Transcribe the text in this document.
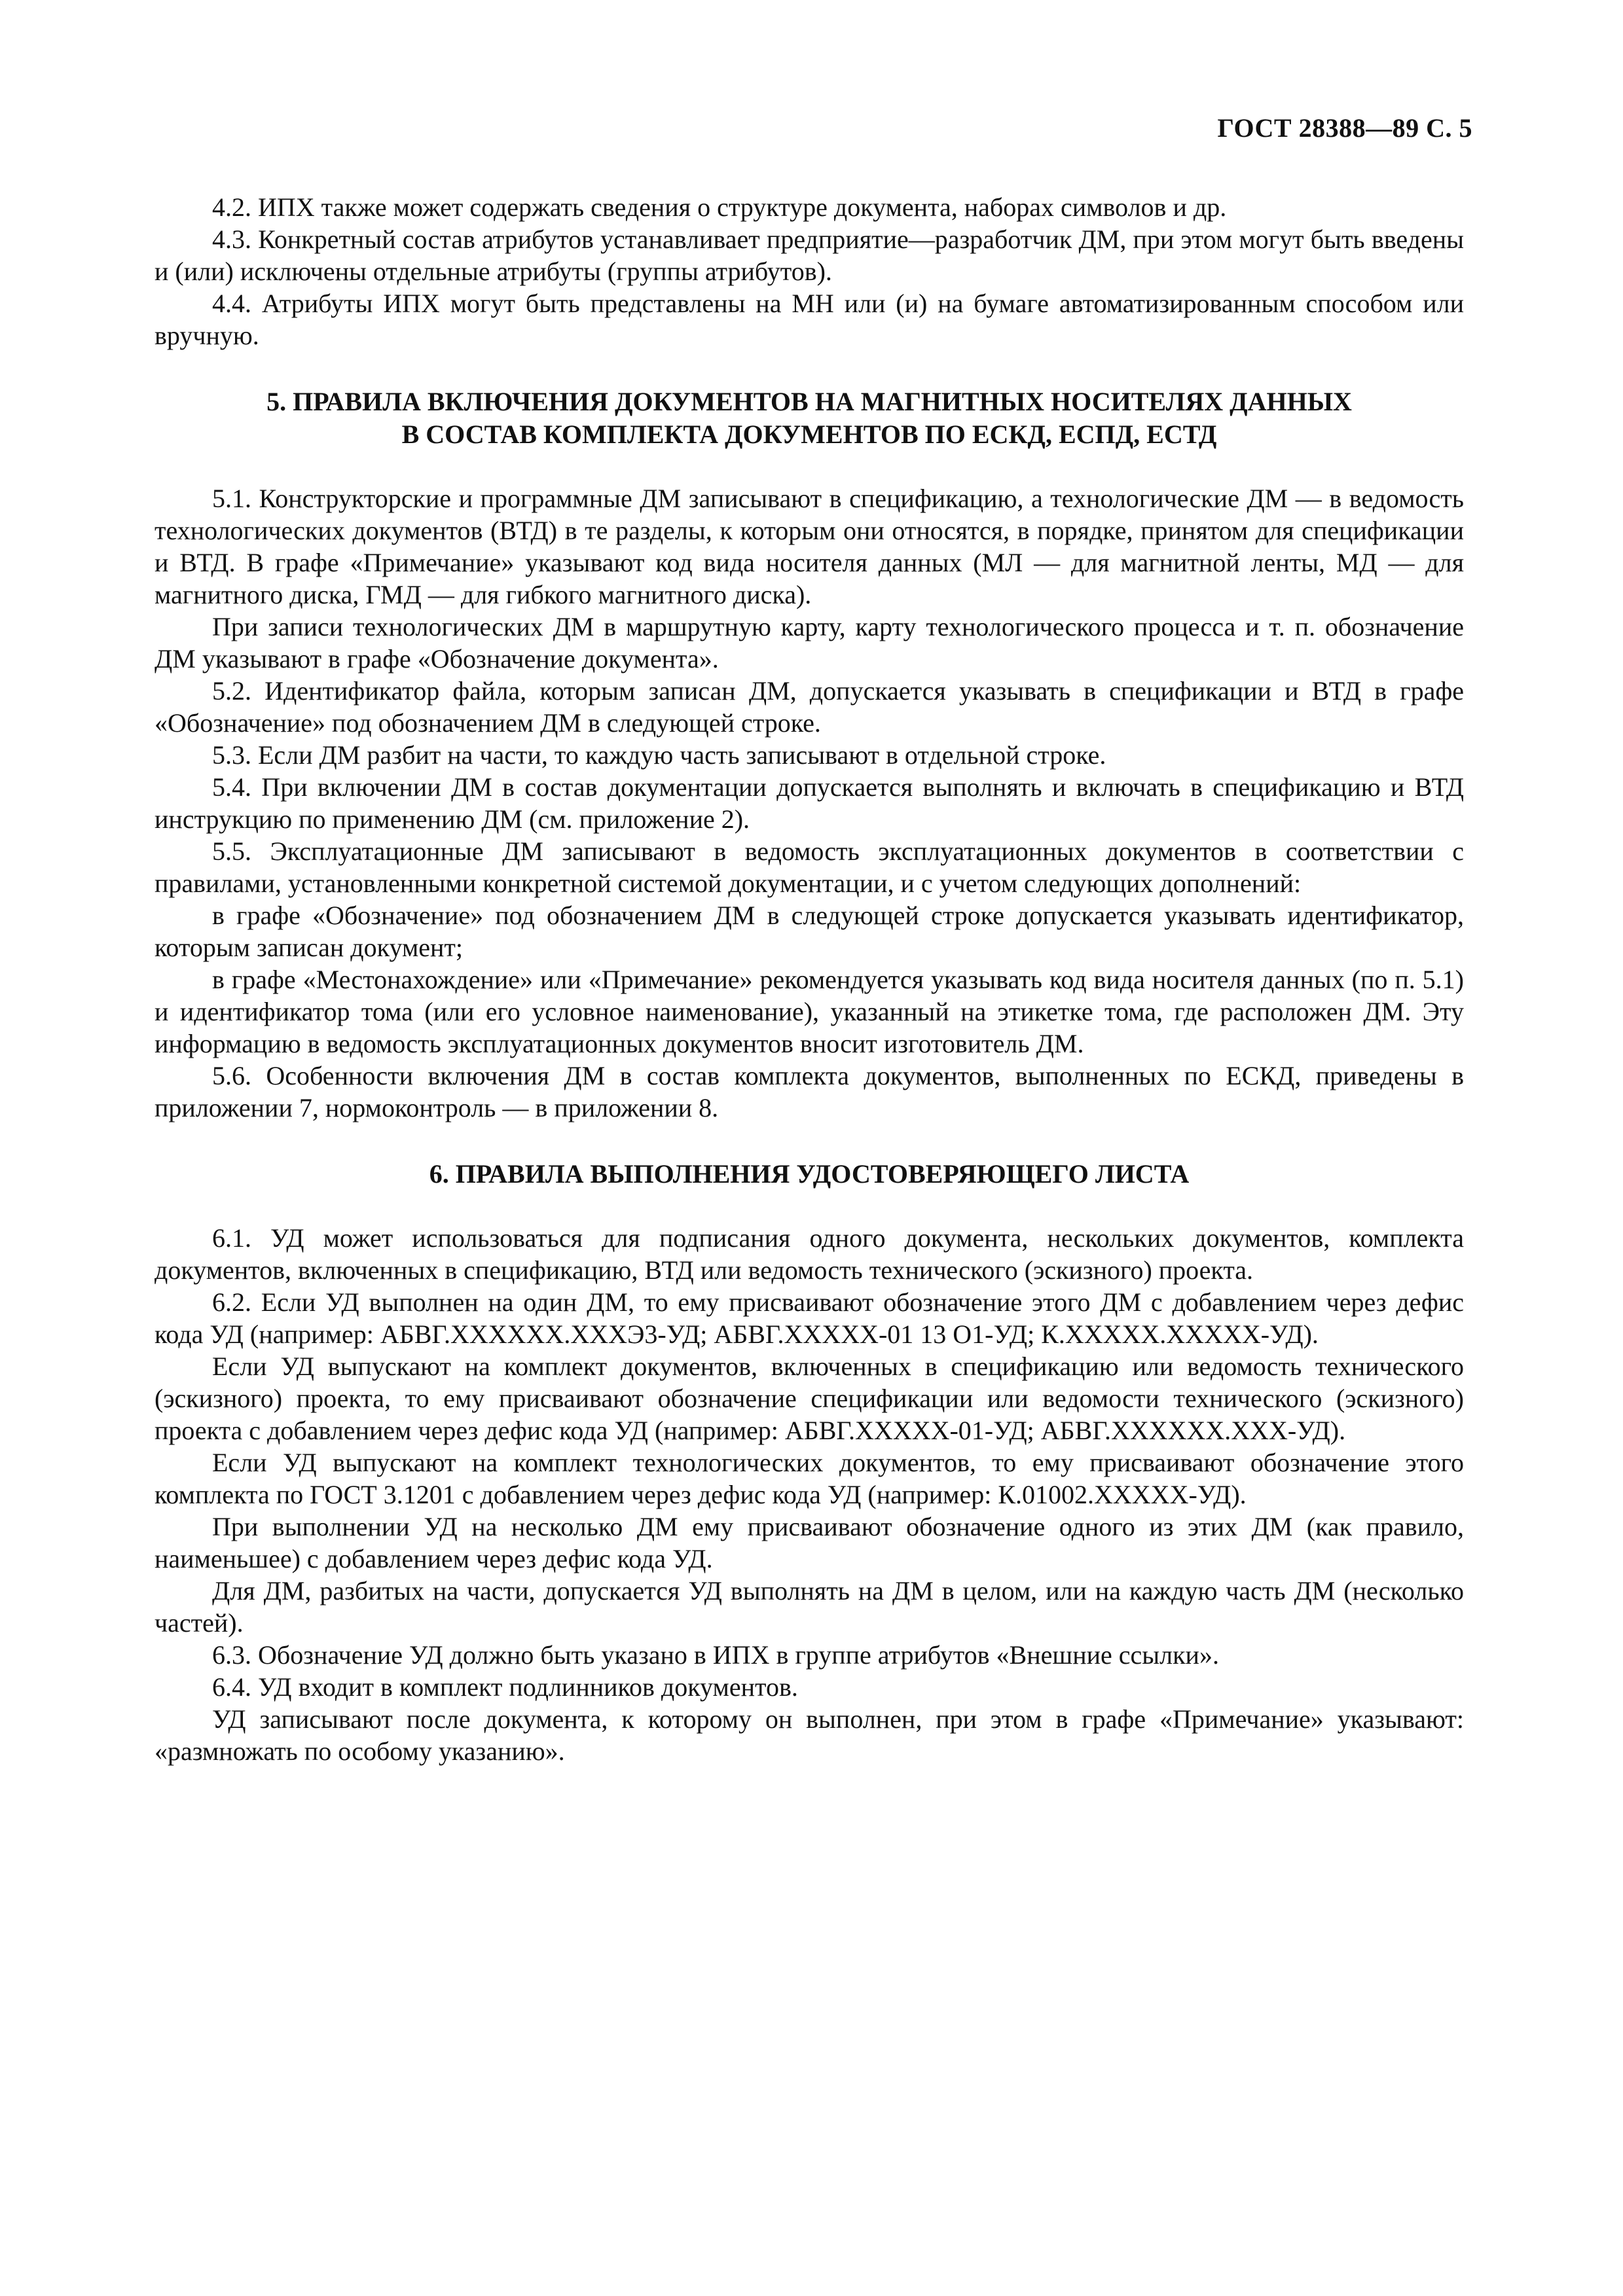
ГОСТ 28388—89 С. 5

4.2. ИПХ также может содержать сведения о структуре документа, наборах символов и др.

4.3. Конкретный состав атрибутов устанавливает предприятие—разработчик ДМ, при этом могут быть введены и (или) исключены отдельные атрибуты (группы атрибутов).

4.4. Атрибуты ИПХ могут быть представлены на МН или (и) на бумаге автоматизированным способом или вручную.

5. ПРАВИЛА ВКЛЮЧЕНИЯ ДОКУМЕНТОВ НА МАГНИТНЫХ НОСИТЕЛЯХ ДАННЫХ
В СОСТАВ КОМПЛЕКТА ДОКУМЕНТОВ ПО ЕСКД, ЕСПД, ЕСТД

5.1. Конструкторские и программные ДМ записывают в спецификацию, а технологические ДМ — в ведомость технологических документов (ВТД) в те разделы, к которым они относятся, в порядке, принятом для спецификации и ВТД. В графе «Примечание» указывают код вида носителя данных (МЛ — для магнитной ленты, МД — для магнитного диска, ГМД — для гибкого магнитного диска).

При записи технологических ДМ в маршрутную карту, карту технологического процесса и т. п. обозначение ДМ указывают в графе «Обозначение документа».

5.2. Идентификатор файла, которым записан ДМ, допускается указывать в спецификации и ВТД в графе «Обозначение» под обозначением ДМ в следующей строке.

5.3. Если ДМ разбит на части, то каждую часть записывают в отдельной строке.

5.4. При включении ДМ в состав документации допускается выполнять и включать в спецификацию и ВТД инструкцию по применению ДМ (см. приложение 2).

5.5. Эксплуатационные ДМ записывают в ведомость эксплуатационных документов в соответствии с правилами, установленными конкретной системой документации, и с учетом следующих дополнений:

в графе «Обозначение» под обозначением ДМ в следующей строке допускается указывать идентификатор, которым записан документ;

в графе «Местонахождение» или «Примечание» рекомендуется указывать код вида носителя данных (по п. 5.1) и идентификатор тома (или его условное наименование), указанный на этикетке тома, где расположен ДМ. Эту информацию в ведомость эксплуатационных документов вносит изготовитель ДМ.

5.6. Особенности включения ДМ в состав комплекта документов, выполненных по ЕСКД, приведены в приложении 7, нормоконтроль — в приложении 8.

6. ПРАВИЛА ВЫПОЛНЕНИЯ УДОСТОВЕРЯЮЩЕГО ЛИСТА

6.1. УД может использоваться для подписания одного документа, нескольких документов, комплекта документов, включенных в спецификацию, ВТД или ведомость технического (эскизного) проекта.

6.2. Если УД выполнен на один ДМ, то ему присваивают обозначение этого ДМ с добавлением через дефис кода УД (например: АБВГ.XXXXXX.XXXЭ3-УД; АБВГ.XXXXX-01 13 О1-УД; К.XXXXX.XXXXX-УД).

Если УД выпускают на комплект документов, включенных в спецификацию или ведомость технического (эскизного) проекта, то ему присваивают обозначение спецификации или ведомости технического (эскизного) проекта с добавлением через дефис кода УД (например: АБВГ.XXXXX-01-УД; АБВГ.XXXXXX.XXX-УД).

Если УД выпускают на комплект технологических документов, то ему присваивают обозначение этого комплекта по ГОСТ 3.1201 с добавлением через дефис кода УД (например: К.01002.XXXXX-УД).

При выполнении УД на несколько ДМ ему присваивают обозначение одного из этих ДМ (как правило, наименьшее) с добавлением через дефис кода УД.

Для ДМ, разбитых на части, допускается УД выполнять на ДМ в целом, или на каждую часть ДМ (несколько частей).

6.3. Обозначение УД должно быть указано в ИПХ в группе атрибутов «Внешние ссылки».

6.4. УД входит в комплект подлинников документов.

УД записывают после документа, к которому он выполнен, при этом в графе «Примечание» указывают: «размножать по особому указанию».
